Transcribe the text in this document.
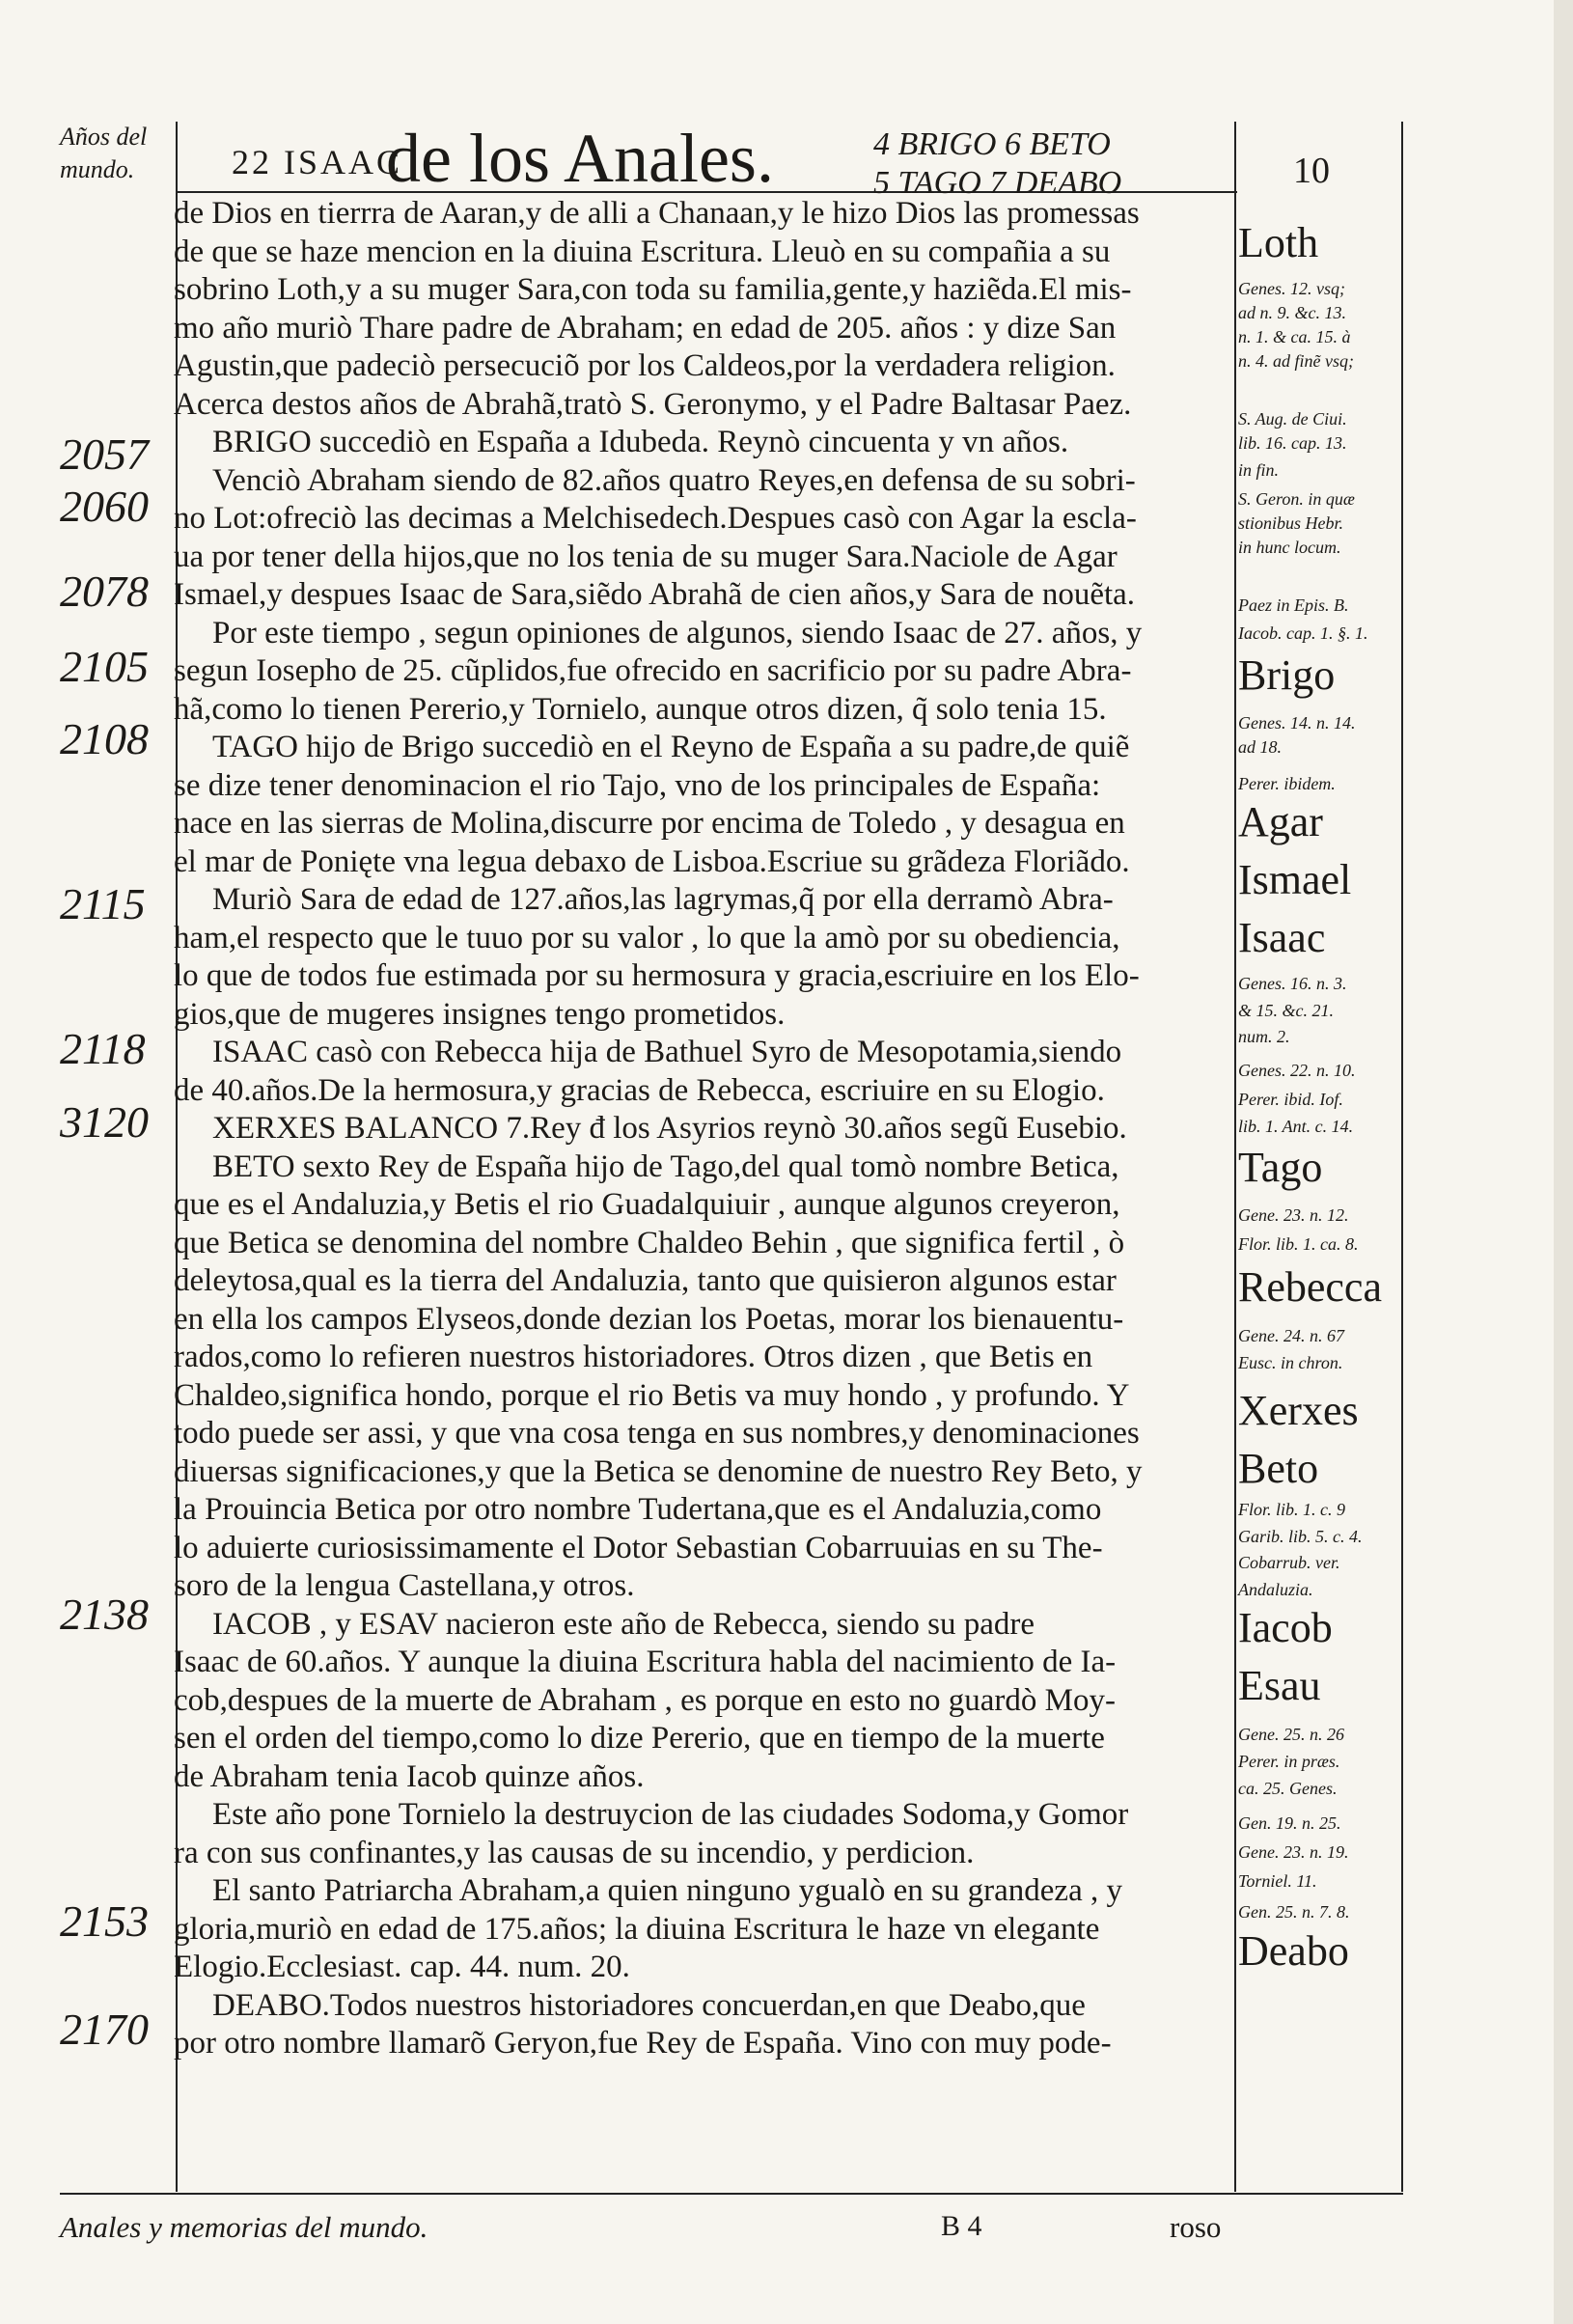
Años del mundo.	22 ISAAC
de los Anales.	4 BRIGO 6 BETO
5 TAGO 7 DEABO	10
2057
2060
2078
2105
2108
2115
2118
3120
2138
2153
2170
de Dios en tierrra de Aaran,y de alli a Chanaan,y le hizo Dios las promessas
de que se haze mencion en la diuina Escritura. Lleuò en su compañia a su
sobrino Loth,y a su muger Sara,con toda su familia,gente,y haziẽda.El mis-
mo año muriò Thare padre de Abraham; en edad de 205. años : y dize San
Agustin,que padeciò persecuciõ por los Caldeos,por la verdadera religion.
Acerca destos años de Abrahã,tratò S. Geronymo, y el Padre Baltasar Paez.
BRIGO succediò en España a Idubeda. Reynò cincuenta y vn años.
Venciò Abraham siendo de 82.años quatro Reyes,en defensa de su sobri-
no Lot:ofreciò las decimas a Melchisedech.Despues casò con Agar la escla-
ua por tener della hijos,que no los tenia de su muger Sara.Naciole de Agar
Ismael,y despues Isaac de Sara,siẽdo Abrahã de cien años,y Sara de nouẽta.
Por este tiempo , segun opiniones de algunos, siendo Isaac de 27. años, y
segun Iosepho de 25. cũplidos,fue ofrecido en sacrificio por su padre Abra-
hã,como lo tienen Pererio,y Tornielo, aunque otros dizen, q̃ solo tenia 15.
TAGO hijo de Brigo succediò en el Reyno de España a su padre,de quiẽ
se dize tener denominacion el rio Tajo, vno de los principales de España:
nace en las sierras de Molina,discurre por encima de Toledo , y desagua en
el mar de Ponięte vna legua debaxo de Lisboa.Escriue su grãdeza Floriãdo.
Muriò Sara de edad de 127.años,las lagrymas,q̃ por ella derramò Abra-
ham,el respecto que le tuuo por su valor , lo que la amò por su obediencia,
lo que de todos fue estimada por su hermosura y gracia,escriuire en los Elo-
gios,que de mugeres insignes tengo prometidos.
ISAAC casò con Rebecca hija de Bathuel Syro de Mesopotamia,siendo
de 40.años.De la hermosura,y gracias de Rebecca, escriuire en su Elogio.
XERXES BALANCO 7.Rey đ los Asyrios reynò 30.años segũ Eusebio.
BETO sexto Rey de España hijo de Tago,del qual tomò nombre Betica,
que es el Andaluzia,y Betis el rio Guadalquiuir , aunque algunos creyeron,
que Betica se denomina del nombre Chaldeo Behin , que significa fertil , ò
deleytosa,qual es la tierra del Andaluzia, tanto que quisieron algunos estar
en ella los campos Elyseos,donde dezian los Poetas, morar los bienauentu-
rados,como lo refieren nuestros historiadores. Otros dizen , que Betis en
Chaldeo,significa hondo, porque el rio Betis va muy hondo , y profundo. Y
todo puede ser assi, y que vna cosa tenga en sus nombres,y denominaciones
diuersas significaciones,y que la Betica se denomine de nuestro Rey Beto, y
la Prouincia Betica por otro nombre Tudertana,que es el Andaluzia,como
lo aduierte curiosissimamente el Dotor Sebastian Cobarruuias en su The-
soro de la lengua Castellana,y otros.
IACOB , y ESAV nacieron este año de Rebecca, siendo su padre
Isaac de 60.años. Y aunque la diuina Escritura habla del nacimiento de Ia-
cob,despues de la muerte de Abraham , es porque en esto no guardò Moy-
sen el orden del tiempo,como lo dize Pererio, que en tiempo de la muerte
de Abraham tenia Iacob quinze años.
Este año pone Tornielo la destruycion de las ciudades Sodoma,y Gomor
ra con sus confinantes,y las causas de su incendio, y perdicion.
El santo Patriarcha Abraham,a quien ninguno ygualò en su grandeza , y
gloria,muriò en edad de 175.años; la diuina Escritura le haze vn elegante
Elogio.Ecclesiast. cap. 44. num. 20.
DEABO.Todos nuestros historiadores concuerdan,en que Deabo,que
por otro nombre llamarõ Geryon,fue Rey de España. Vino con muy pode-
Loth
Genes. 12. vsq;
ad n. 9. &c. 13.
n. 1. & ca. 15. à
n. 4. ad finẽ vsq;
S. Aug. de Ciui.
lib. 16. cap. 13.
in fin.
S. Geron. in quæ
stionibus Hebr.
in hunc locum.
Paez in Epis. B.
Iacob. cap. 1. §. 1.
Brigo
Genes. 14. n. 14.
ad 18.
Perer. ibidem.
Agar
Ismael
Isaac
Genes. 16. n. 3.
& 15. &c. 21.
num. 2.
Genes. 22. n. 10.
Perer. ibid. Iof.
lib. 1. Ant. c. 14.
Tago
Gene. 23. n. 12.
Flor. lib. 1. ca. 8.
Rebecca
Gene. 24. n. 67
Eusc. in chron.
Xerxes
Beto
Flor. lib. 1. c. 9
Garib. lib. 5. c. 4.
Cobarrub. ver.
Andaluzia.
Iacob
Esau
Gene. 25. n. 26
Perer. in præs.
ca. 25. Genes.
Gen. 19. n. 25.
Gene. 23. n. 19.
Torniel. 11.
Gen. 25. n. 7. 8.
Deabo
Anales y memorias del mundo.	B 4	roso
